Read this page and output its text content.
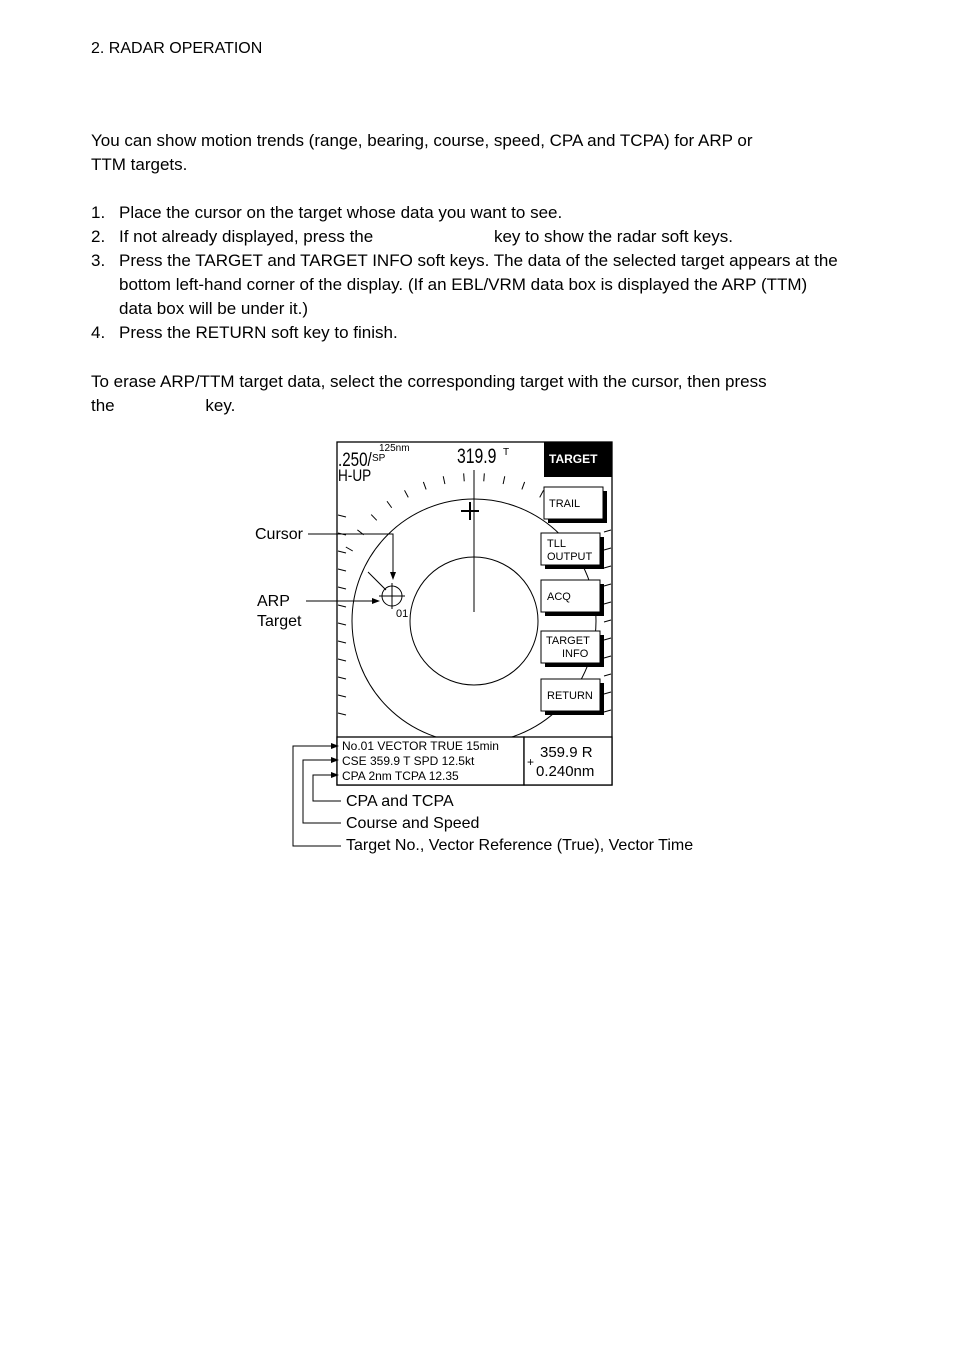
2. RADAR OPERATION
You can show motion trends (range, bearing, course, speed, CPA and TCPA) for ARP or
TTM targets.
1. Place the cursor on the target whose data you want to see.
2. If not already displayed, press the	key to show the radar soft keys.
3. Press the TARGET and TARGET INFO soft keys. The data of the selected target appears at the bottom left-hand corner of the display. (If an EBL/VRM data box is displayed the ARP (TTM) data box will be under it.)
4. Press the RETURN soft key to finish.
To erase ARP/TTM target data, select the corresponding target with the cursor, then press
the	key.
01
.250/ SP
125nm
H-UP
319.9 T	TARGET
TRAIL
TLL
OUTPUT
ACQ
TARGET
INFO
RETURN
No.01 VECTOR TRUE 15min
CSE 359.9 T SPD 12.5kt
CPA 2nm TCPA 12.35
+
359.9 R
0.240nm
Cursor
ARP
Target
CPA and TCPA
Course and Speed
Target No., Vector Reference (True), Vector Time
